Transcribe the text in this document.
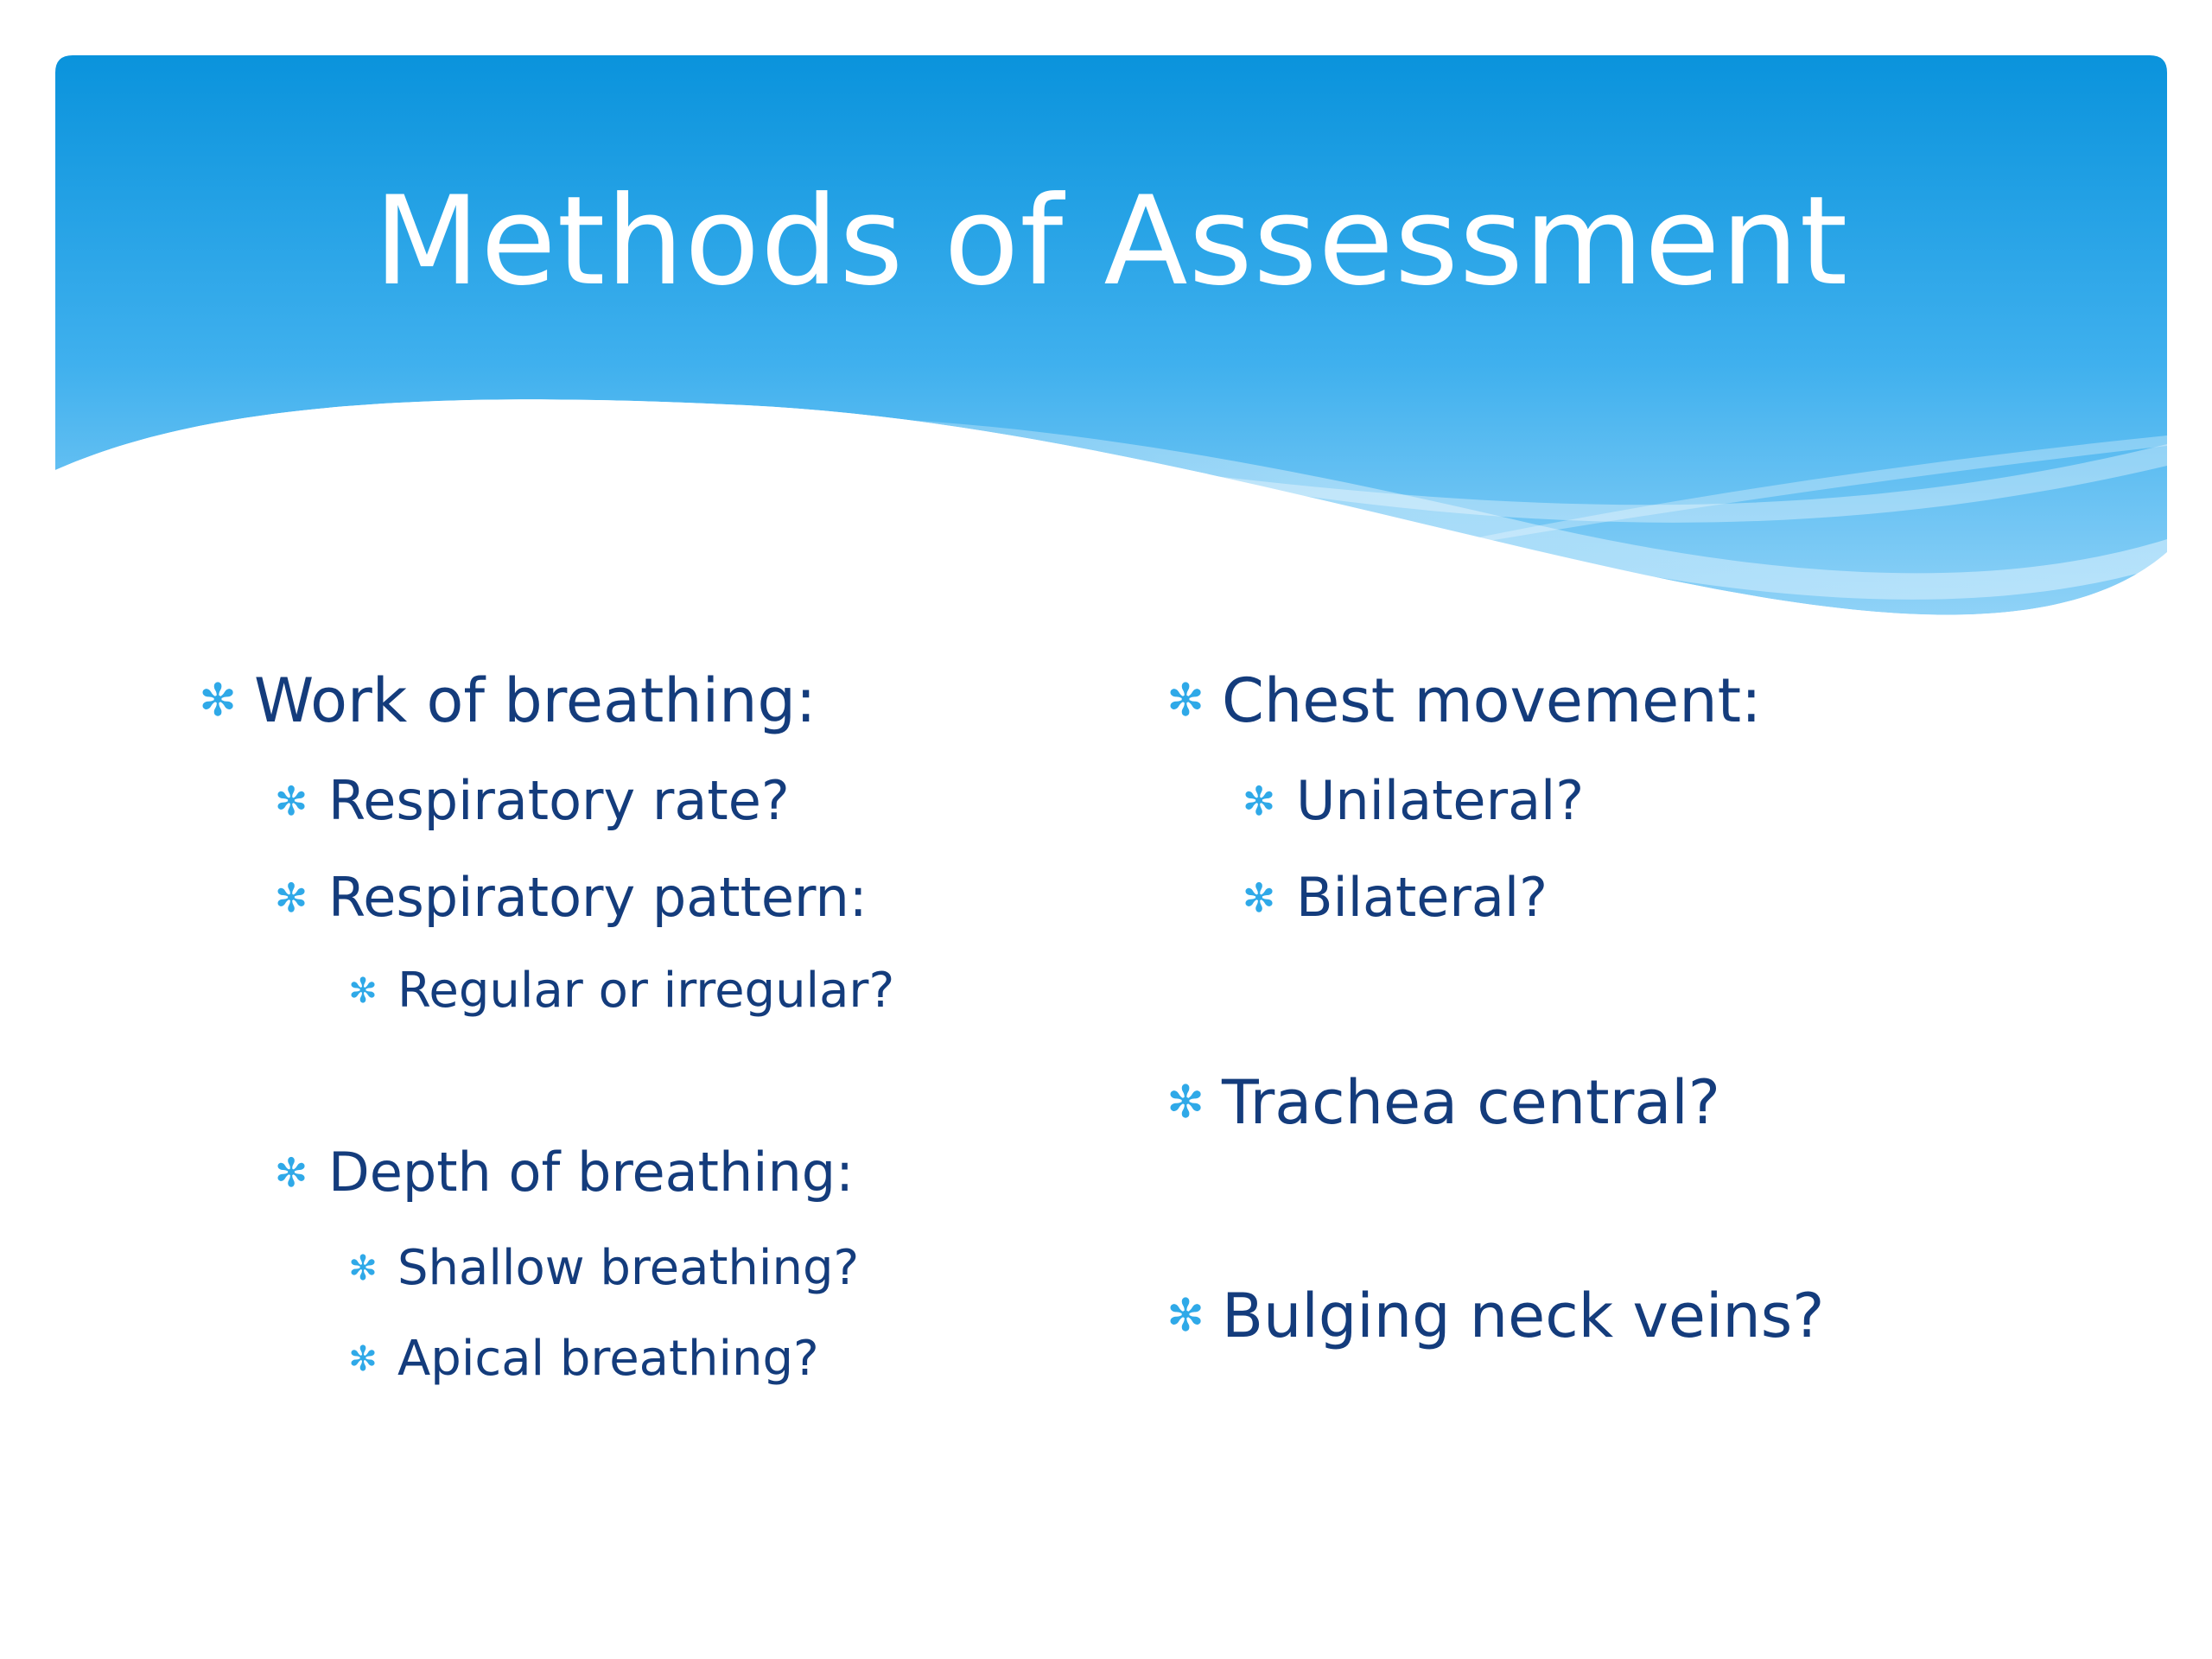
Methods of Assessment
✻ Work of breathing:
✻ Respiratory rate?
✻ Respiratory pattern:
✻ Regular or irregular?
✻ Depth of breathing:
✻ Shallow breathing?
✻ Apical breathing?
✻ Chest movement:
✻ Unilateral?
✻ Bilateral?
✻ Trachea central?
✻ Bulging neck veins?
